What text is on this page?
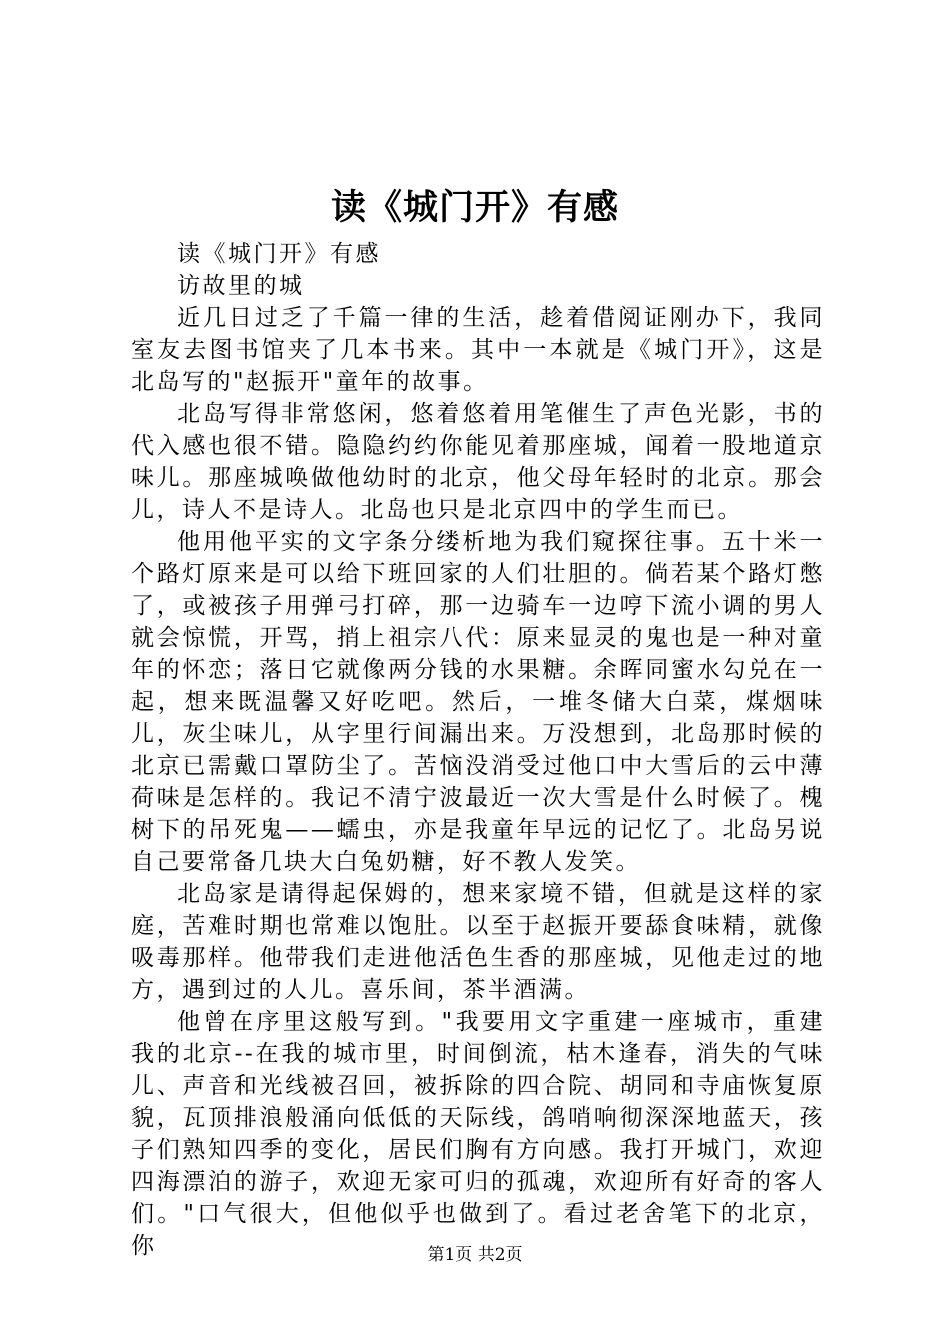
读《城门开》有感

读《城门开》有感

访故里的城

近几日过乏了千篇一律的生活，趁着借阅证刚办下，我同室友去图书馆夹了几本书来。其中一本就是《城门开》，这是北岛写的"赵振开"童年的故事。

北岛写得非常悠闲，悠着悠着用笔催生了声色光影，书的代入感也很不错。隐隐约约你能见着那座城，闻着一股地道京味儿。那座城唤做他幼时的北京，他父母年轻时的北京。那会儿，诗人不是诗人。北岛也只是北京四中的学生而已。

他用他平实的文字条分缕析地为我们窥探往事。五十米一个路灯原来是可以给下班回家的人们壮胆的。倘若某个路灯憋了，或被孩子用弹弓打碎，那一边骑车一边哼下流小调的男人就会惊慌，开骂，捎上祖宗八代：原来显灵的鬼也是一种对童年的怀恋；落日它就像两分钱的水果糖。余晖同蜜水勾兑在一起，想来既温馨又好吃吧。然后，一堆冬储大白菜，煤烟味儿，灰尘味儿，从字里行间漏出来。万没想到，北岛那时候的北京已需戴口罩防尘了。苦恼没消受过他口中大雪后的云中薄荷味是怎样的。我记不清宁波最近一次大雪是什么时候了。槐树下的吊死鬼——蠕虫，亦是我童年早远的记忆了。北岛另说自己要常备几块大白兔奶糖，好不教人发笑。

北岛家是请得起保姆的，想来家境不错，但就是这样的家庭，苦难时期也常难以饱肚。以至于赵振开要舔食味精，就像吸毒那样。他带我们走进他活色生香的那座城，见他走过的地方，遇到过的人儿。喜乐间，茶半酒满。

他曾在序里这般写到。"我要用文字重建一座城市，重建我的北京--在我的城市里，时间倒流，枯木逢春，消失的气味儿、声音和光线被召回，被拆除的四合院、胡同和寺庙恢复原貌，瓦顶排浪般涌向低低的天际线，鸽哨响彻深深地蓝天，孩子们熟知四季的变化，居民们胸有方向感。我打开城门，欢迎四海漂泊的游子，欢迎无家可归的孤魂，欢迎所有好奇的客人们。"口气很大，但他似乎也做到了。看过老舍笔下的北京，你	第1页 共2页
